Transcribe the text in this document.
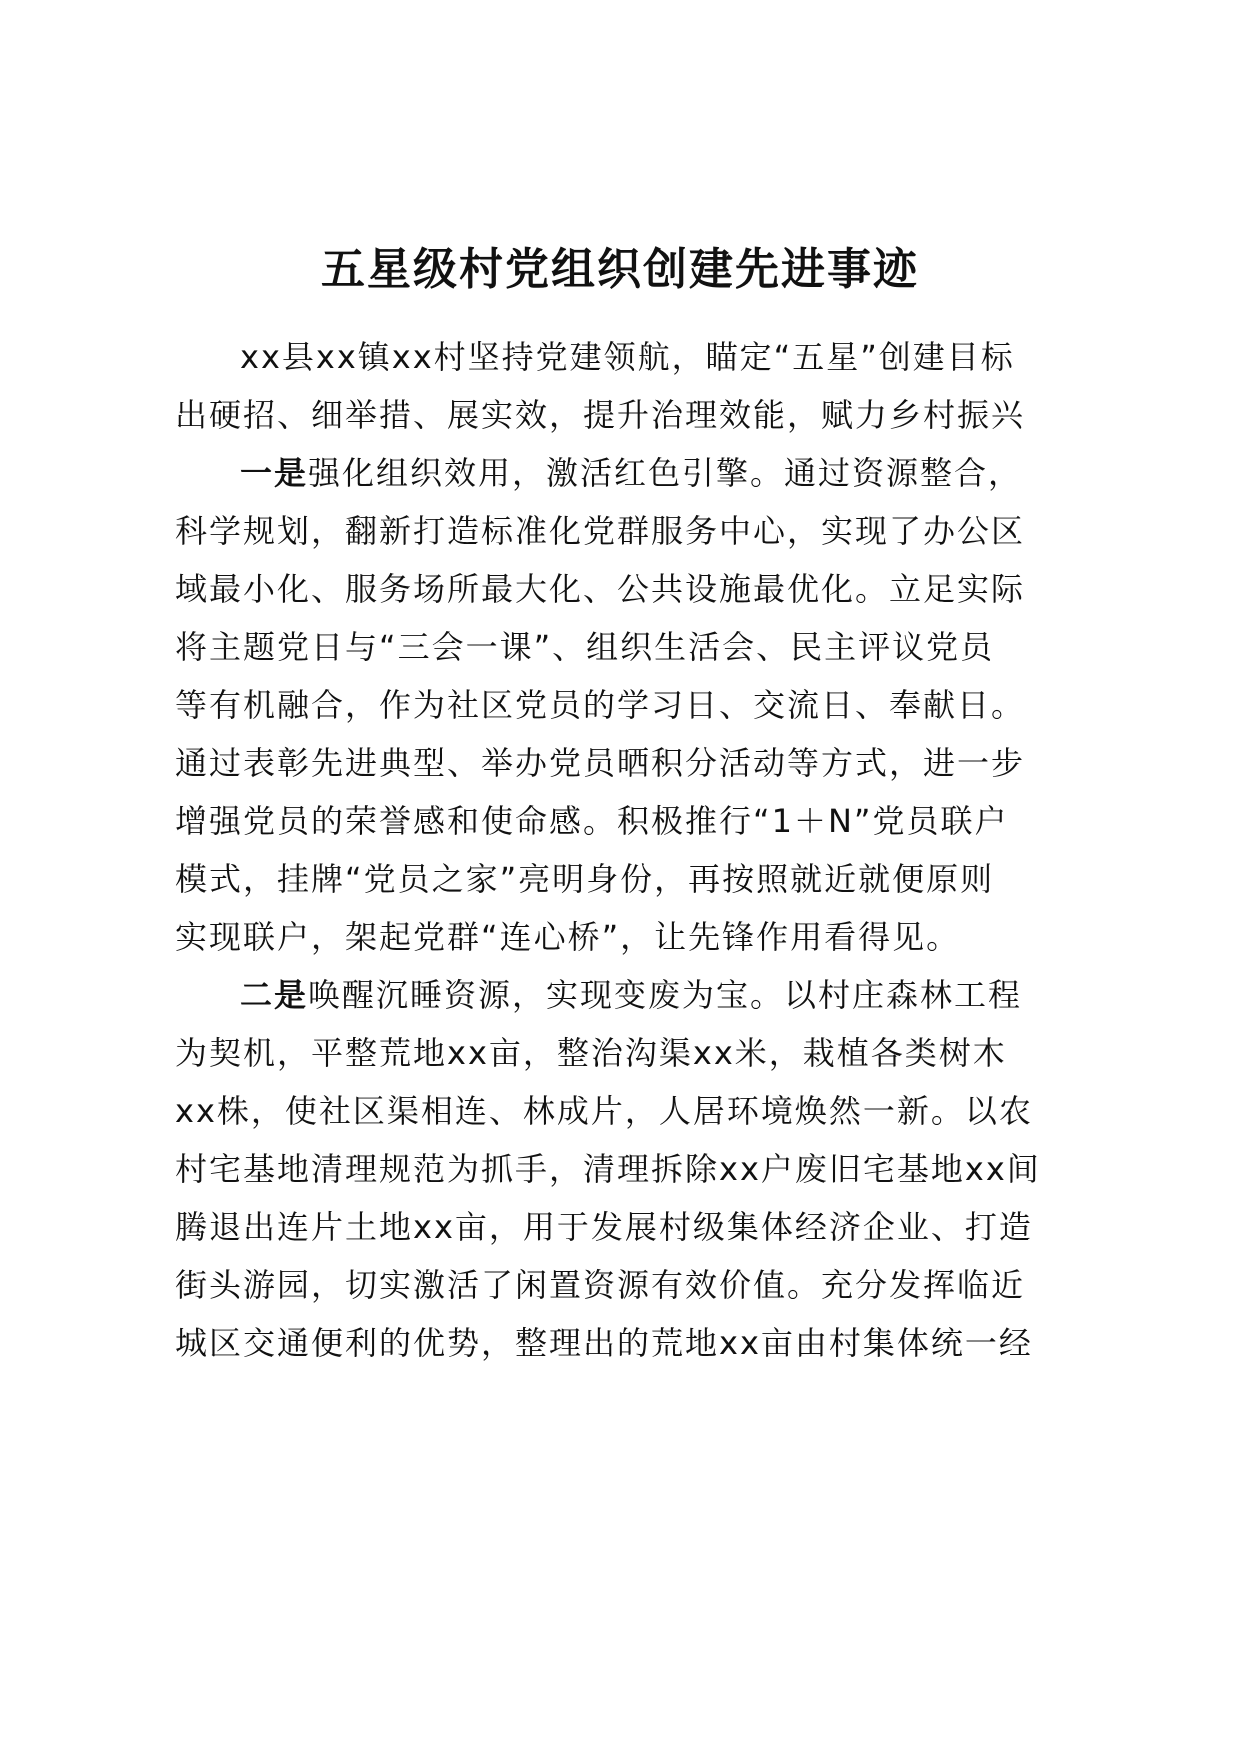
五星级村党组织创建先进事迹
xx县xx镇xx村坚持党建领航，瞄定“五星”创建目标
出硬招、细举措、展实效，提升治理效能，赋力乡村振兴
一是强化组织效用，激活红色引擎。通过资源整合，
科学规划，翻新打造标准化党群服务中心，实现了办公区
域最小化、服务场所最大化、公共设施最优化。立足实际
将主题党日与“三会一课”、组织生活会、民主评议党员
等有机融合，作为社区党员的学习日、交流日、奉献日。
通过表彰先进典型、举办党员晒积分活动等方式，进一步
增强党员的荣誉感和使命感。积极推行“1＋N”党员联户
模式，挂牌“党员之家”亮明身份，再按照就近就便原则
实现联户，架起党群“连心桥”，让先锋作用看得见。
二是唤醒沉睡资源，实现变废为宝。以村庄森林工程
为契机，平整荒地xx亩，整治沟渠xx米，栽植各类树木
xx株，使社区渠相连、林成片，人居环境焕然一新。以农
村宅基地清理规范为抓手，清理拆除xx户废旧宅基地xx间
腾退出连片土地xx亩，用于发展村级集体经济企业、打造
街头游园，切实激活了闲置资源有效价值。充分发挥临近
城区交通便利的优势，整理出的荒地xx亩由村集体统一经
